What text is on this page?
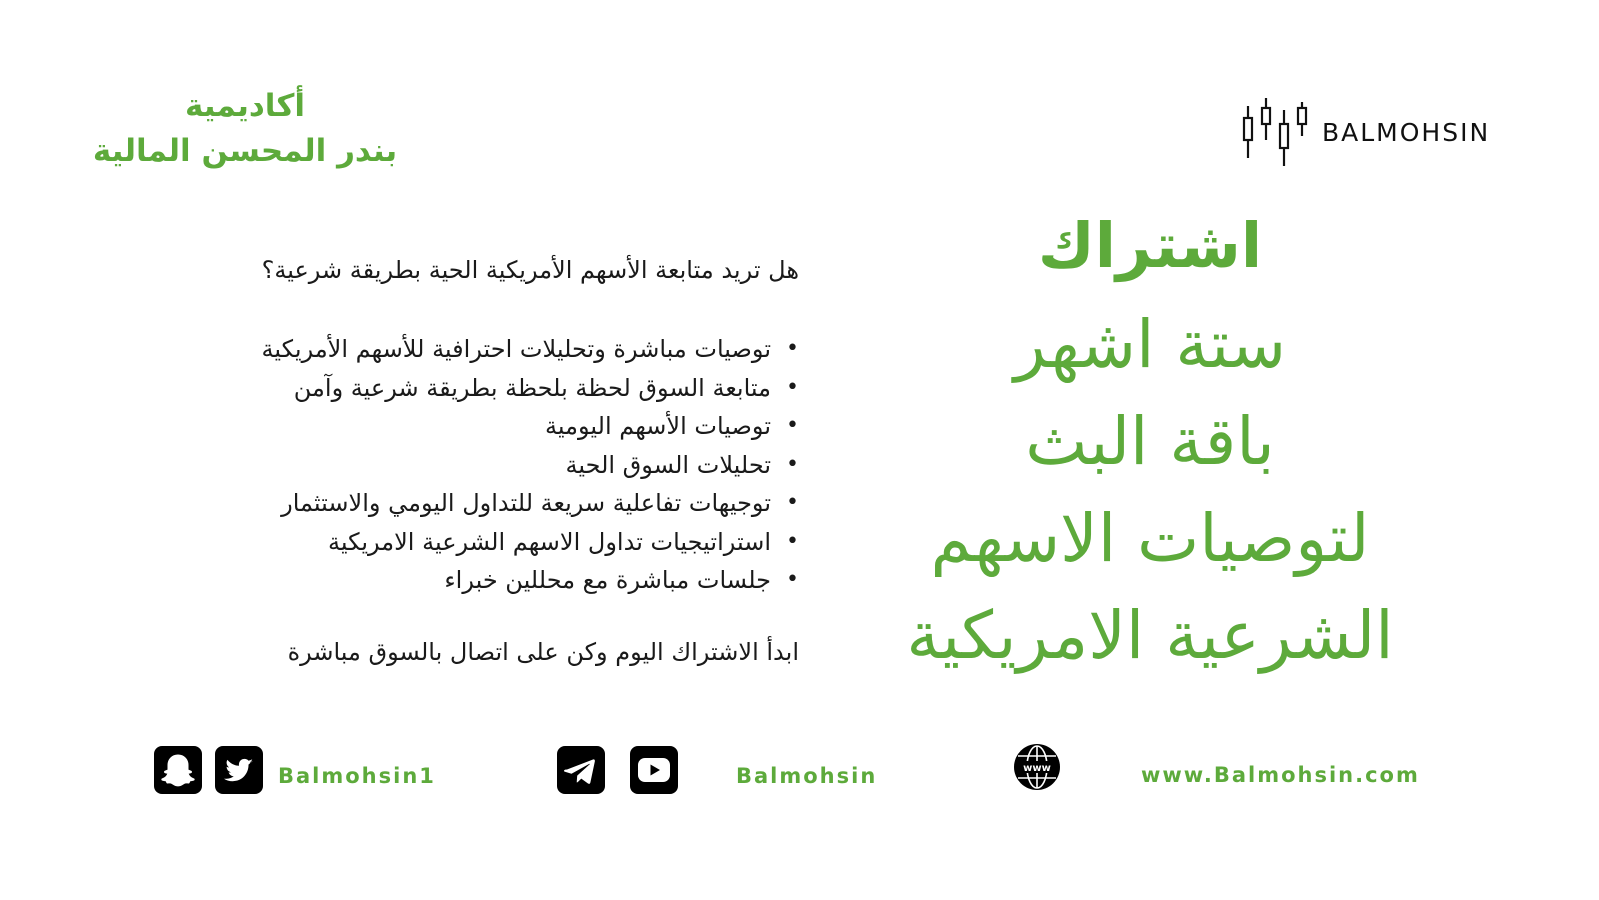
BALMOHSIN
أكاديمية
بندر المحسن المالية
هل تريد متابعة الأسهم الأمريكية الحية بطريقة شرعية؟
• توصيات مباشرة وتحليلات احترافية للأسهم الأمريكية
• متابعة السوق لحظة بلحظة بطريقة شرعية وآمن
• توصيات الأسهم اليومية
• تحليلات السوق الحية
• توجيهات تفاعلية سريعة للتداول اليومي والاستثمار
• استراتيجيات تداول الاسهم الشرعية الامريكية
• جلسات مباشرة مع محللين خبراء
ابدأ الاشتراك اليوم وكن على اتصال بالسوق مباشرة
اشتراك
ستة اشهر
باقة البث
لتوصيات الاسهم
الشرعية الامريكية
Balmohsin1	Balmohsin	www	www.Balmohsin.com
